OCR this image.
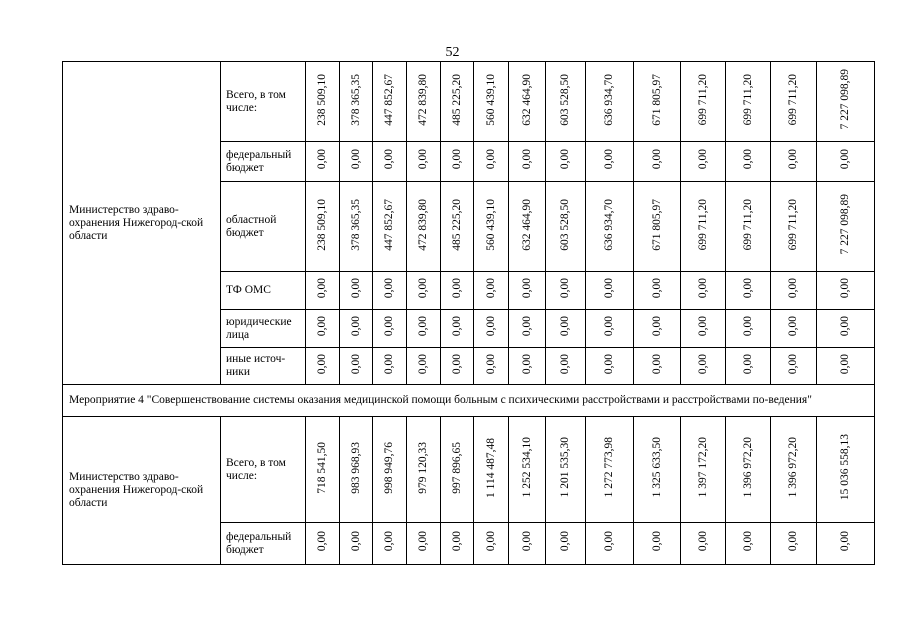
52
Министерство здраво-охранения Нижегород-ской области	Всего, в том числе:	238 509,10	378 365,35	447 852,67	472 839,80	485 225,20	560 439,10	632 464,90	603 528,50	636 934,70	671 805,97	699 711,20	699 711,20	699 711,20	7 227 098,89
	федеральный бюджет	0,00	0,00	0,00	0,00	0,00	0,00	0,00	0,00	0,00	0,00	0,00	0,00	0,00	0,00
	областной бюджет	238 509,10	378 365,35	447 852,67	472 839,80	485 225,20	560 439,10	632 464,90	603 528,50	636 934,70	671 805,97	699 711,20	699 711,20	699 711,20	7 227 098,89
	ТФ ОМС	0,00	0,00	0,00	0,00	0,00	0,00	0,00	0,00	0,00	0,00	0,00	0,00	0,00	0,00
	юридические лица	0,00	0,00	0,00	0,00	0,00	0,00	0,00	0,00	0,00	0,00	0,00	0,00	0,00	0,00
	иные источ-ники	0,00	0,00	0,00	0,00	0,00	0,00	0,00	0,00	0,00	0,00	0,00	0,00	0,00	0,00
Мероприятие 4 "Совершенствование системы оказания медицинской помощи больным с психическими расстройствами и расстройствами по-ведения"															
Министерство здраво-охранения Нижегород-ской области	Всего, в том числе:	718 541,50	983 968,93	998 949,76	979 120,33	997 896,65	1 114 487,48	1 252 534,10	1 201 535,30	1 272 773,98	1 325 633,50	1 397 172,20	1 396 972,20	1 396 972,20	15 036 558,13
	федеральный бюджет	0,00	0,00	0,00	0,00	0,00	0,00	0,00	0,00	0,00	0,00	0,00	0,00	0,00	0,00
